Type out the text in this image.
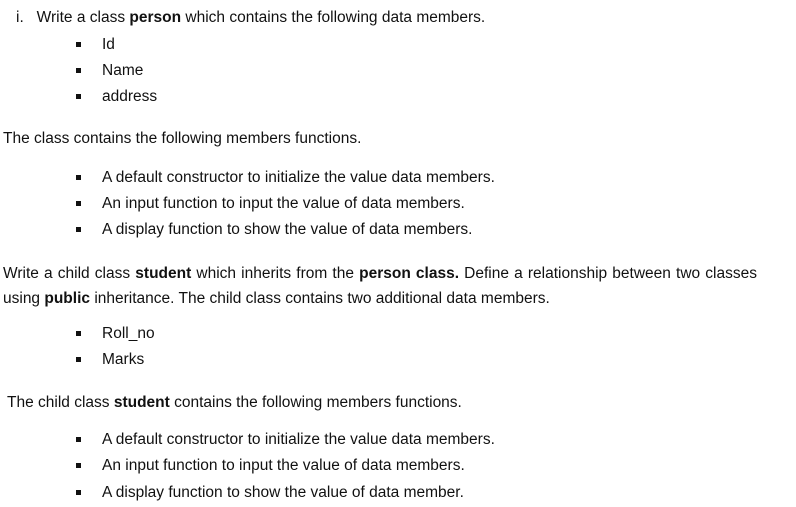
i. Write a class person which contains the following data members.
Id
Name
address
The class contains the following members functions.
A default constructor to initialize the value data members.
An input function to input the value of data members.
A display function to show the value of data members.
Write a child class student which inherits from the person class. Define a relationship between two classes using public inheritance. The child class contains two additional data members.
Roll_no
Marks
The child class student contains the following members functions.
A default constructor to initialize the value data members.
An input function to input the value of data members.
A display function to show the value of data member.
